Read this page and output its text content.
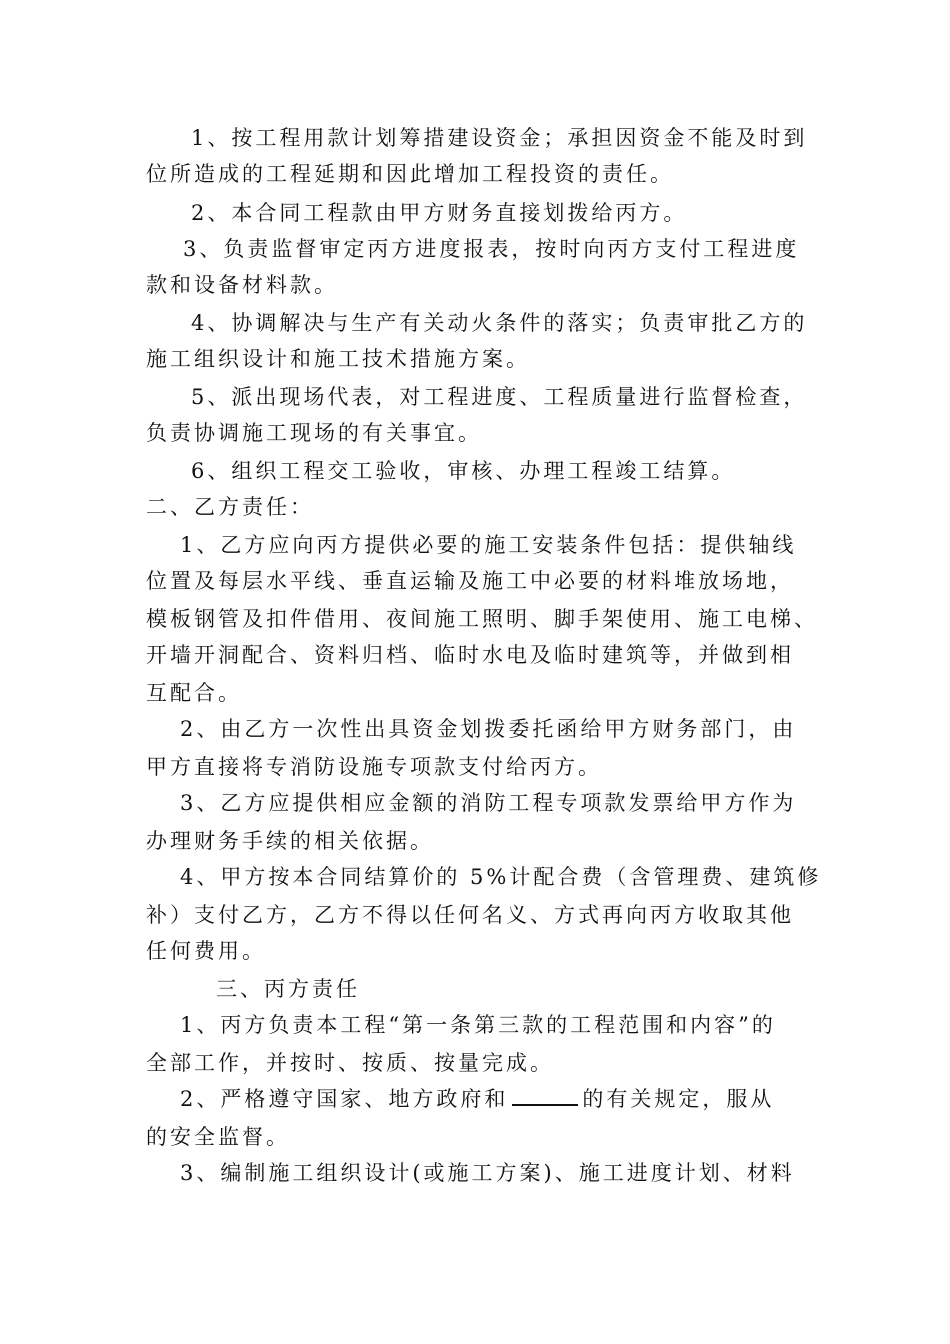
1、按工程用款计划筹措建设资金；承担因资金不能及时到
位所造成的工程延期和因此增加工程投资的责任。
2、本合同工程款由甲方财务直接划拨给丙方。
3、负责监督审定丙方进度报表，按时向丙方支付工程进度
款和设备材料款。
4、协调解决与生产有关动火条件的落实；负责审批乙方的
施工组织设计和施工技术措施方案。
5、派出现场代表，对工程进度、工程质量进行监督检查，
负责协调施工现场的有关事宜。
6、组织工程交工验收，审核、办理工程竣工结算。
二、乙方责任：
1、乙方应向丙方提供必要的施工安装条件包括：提供轴线
位置及每层水平线、垂直运输及施工中必要的材料堆放场地，
模板钢管及扣件借用、夜间施工照明、脚手架使用、施工电梯、
开墙开洞配合、资料归档、临时水电及临时建筑等，并做到相
互配合。
2、由乙方一次性出具资金划拨委托函给甲方财务部门，由
甲方直接将专消防设施专项款支付给丙方。
3、乙方应提供相应金额的消防工程专项款发票给甲方作为
办理财务手续的相关依据。
4、甲方按本合同结算价的 5%计配合费（含管理费、建筑修
补）支付乙方，乙方不得以任何名义、方式再向丙方收取其他
任何费用。
三、丙方责任
1、丙方负责本工程“第一条第三款的工程范围和内容”的
全部工作，并按时、按质、按量完成。
2、严格遵守国家、地方政府和	的有关规定，服从
的安全监督。
3、编制施工组织设计(或施工方案)、施工进度计划、材料
